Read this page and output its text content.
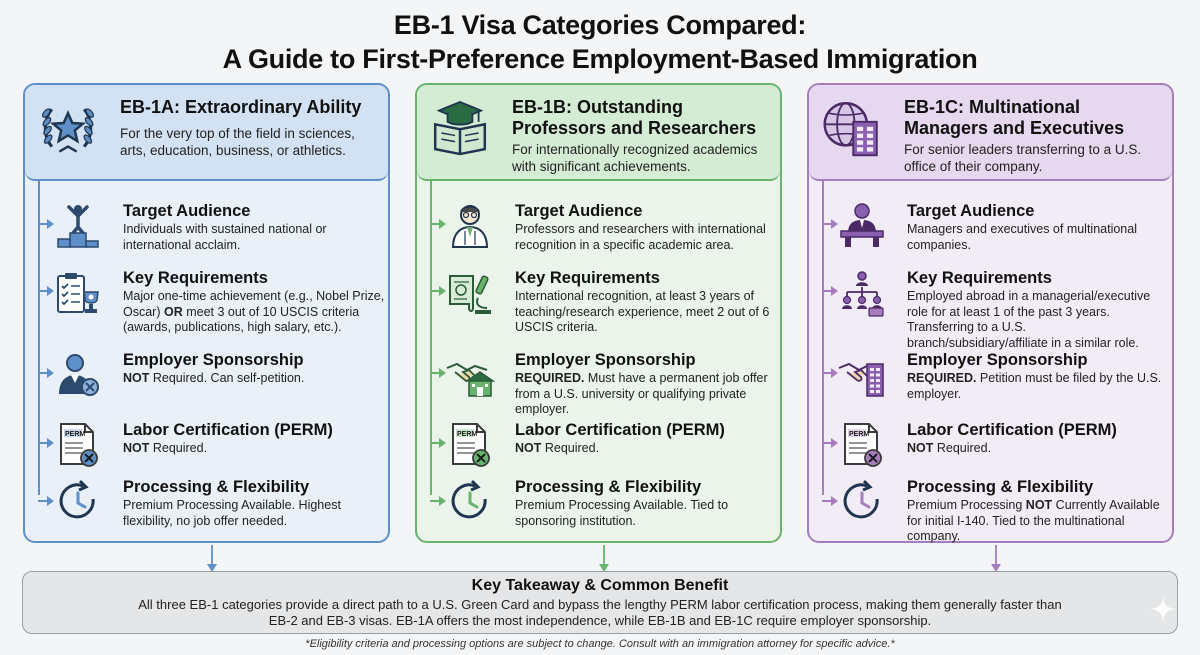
EB-1 Visa Categories Compared:
A Guide to First-Preference Employment-Based Immigration
EB-1A: Extraordinary Ability
For the very top of the field in sciences, arts, education, business, or athletics.
Target Audience
Individuals with sustained national or international acclaim.
Key Requirements
Major one-time achievement (e.g., Nobel Prize, Oscar) OR meet 3 out of 10 USCIS criteria (awards, publications, high salary, etc.).
Employer Sponsorship
NOT Required. Can self-petition.
PERM Labor Certification (PERM)
NOT Required.
Processing & Flexibility
Premium Processing Available. Highest flexibility, no job offer needed.
EB-1B: Outstanding Professors and Researchers
For internationally recognized academics with significant achievements.
Target Audience
Professors and researchers with international recognition in a specific academic area.
Key Requirements
International recognition, at least 3 years of teaching/research experience, meet 2 out of 6 USCIS criteria.
Employer Sponsorship
REQUIRED. Must have a permanent job offer from a U.S. university or qualifying private employer.
PERM Labor Certification (PERM)
NOT Required.
Processing & Flexibility
Premium Processing Available. Tied to sponsoring institution.
EB-1C: Multinational Managers and Executives
For senior leaders transferring to a U.S. office of their company.
Target Audience
Managers and executives of multinational companies.
Key Requirements
Employed abroad in a managerial/executive role for at least 1 of the past 3 years. Transferring to a U.S. branch/subsidiary/affiliate in a similar role.
Employer Sponsorship
REQUIRED. Petition must be filed by the U.S. employer.
PERM Labor Certification (PERM)
NOT Required.
Processing & Flexibility
Premium Processing NOT Currently Available for initial I-140. Tied to the multinational company.
Key Takeaway & Common Benefit
All three EB-1 categories provide a direct path to a U.S. Green Card and bypass the lengthy PERM labor certification process, making them generally faster than EB-2 and EB-3 visas. EB-1A offers the most independence, while EB-1B and EB-1C require employer sponsorship.
*Eligibility criteria and processing options are subject to change. Consult with an immigration attorney for specific advice.*
